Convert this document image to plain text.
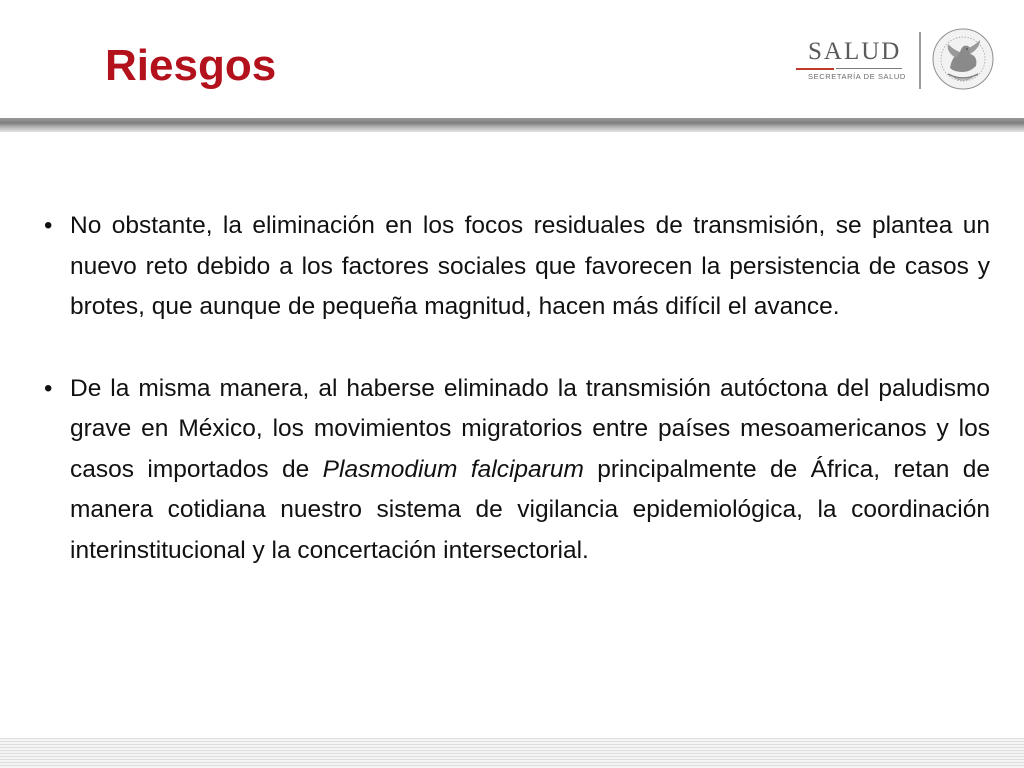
Riesgos	SALUD
SECRETARÍA DE SALUD
• No obstante, la eliminación en los focos residuales de transmisión, se plantea un nuevo reto debido a los factores sociales que favorecen la persistencia de casos y brotes, que aunque de pequeña magnitud, hacen más difícil el avance.
• De la misma manera, al haberse eliminado la transmisión autóctona del paludismo grave en México, los movimientos migratorios entre países mesoamericanos y los casos importados de Plasmodium falciparum principalmente de África, retan de manera cotidiana nuestro sistema de vigilancia epidemiológica, la coordinación interinstitucional y la concertación intersectorial.
